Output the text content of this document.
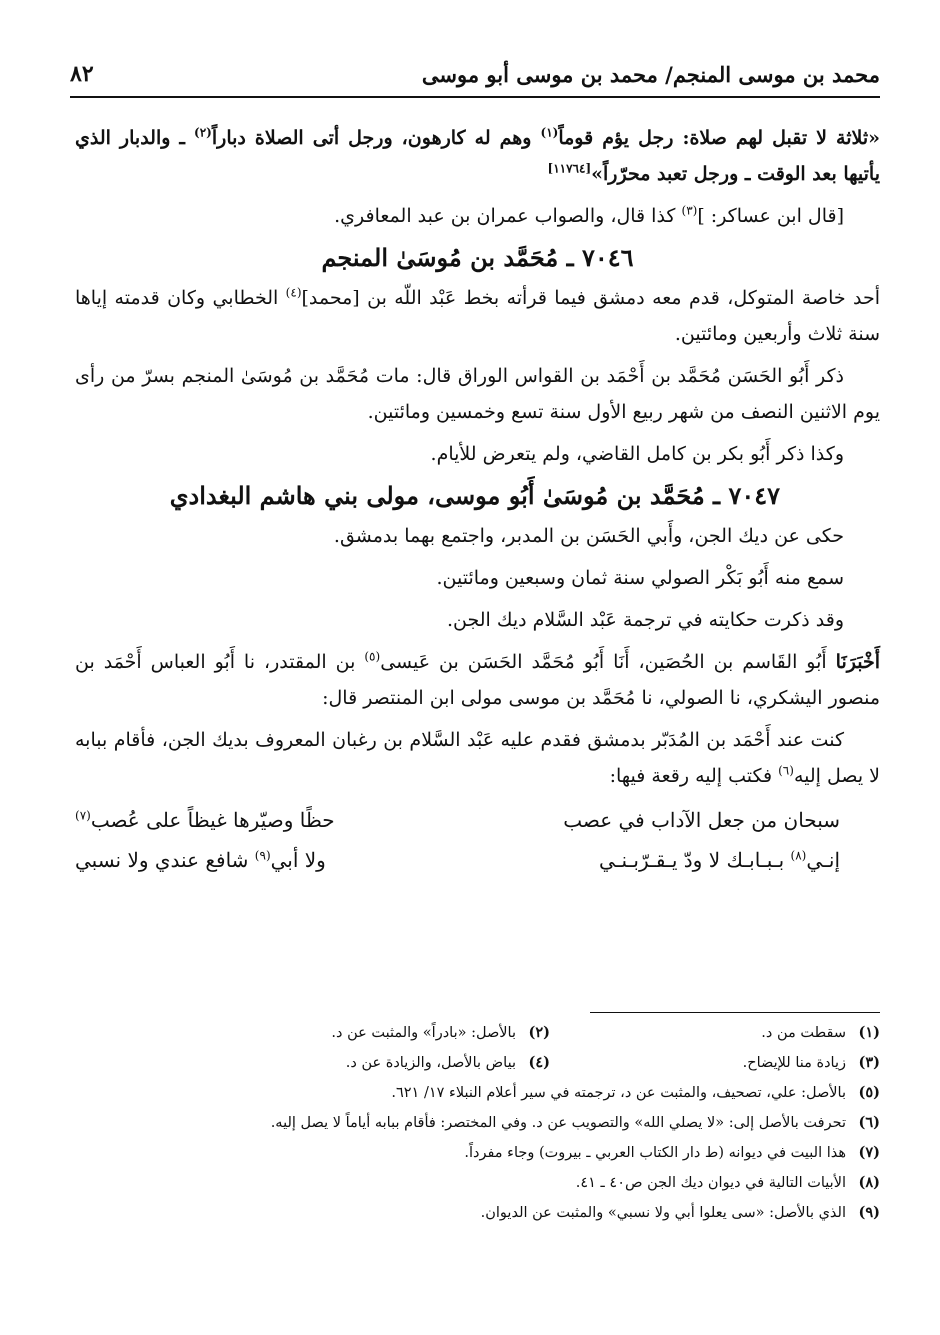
محمد بن موسى المنجم/ محمد بن موسى أبو موسى
٨٢

«ثلاثة لا تقبل لهم صلاة: رجل يؤم قوماً$^{(١)}$ وهم له كارهون، ورجل أتى الصلاة دباراً$^{(٢)}$ ـ والدبار الذي يأتيها بعد الوقت ـ ورجل تعبد محرّراً»[١١٧٦٤]

[قال ابن عساكر: ]$^{(٣)}$ كذا قال، والصواب عمران بن عبد المعافري.

٧٠٤٦ ـ مُحَمَّد بن مُوسَىٰ المنجم

أحد خاصة المتوكل، قدم معه دمشق فيما قرأته بخط عَبْد اللّه بن [محمد]$^{(٤)}$ الخطابي وكان قدمته إياها سنة ثلاث وأربعين ومائتين.

ذكر أَبُو الحَسَن مُحَمَّد بن أَحْمَد بن القواس الوراق قال: مات مُحَمَّد بن مُوسَىٰ المنجم بسرّ من رأى يوم الاثنين النصف من شهر ربيع الأول سنة تسع وخمسين ومائتين.

وكذا ذكر أَبُو بكر بن كامل القاضي، ولم يتعرض للأيام.

٧٠٤٧ ـ مُحَمَّد بن مُوسَىٰ أَبُو موسى، مولى بني هاشم البغدادي

حكى عن ديك الجن، وأَبي الحَسَن بن المدبر، واجتمع بهما بدمشق.

سمع منه أَبُو بَكْر الصولي سنة ثمان وسبعين ومائتين.

وقد ذكرت حكايته في ترجمة عَبْد السَّلام ديك الجن.

أَخْبَرَنَا أَبُو القَاسم بن الحُصَين، أَنَا أَبُو مُحَمَّد الحَسَن بن عَيسى$^{(٥)}$ بن المقتدر، نا أَبُو العباس أَحْمَد بن منصور اليشكري، نا الصولي، نا مُحَمَّد بن موسى مولى ابن المنتصر قال:

كنت عند أَحْمَد بن المُدَبّر بدمشق فقدم عليه عَبْد السَّلام بن رغبان المعروف بديك الجن، فأقام ببابه لا يصل إليه$^{(٦)}$ فكتب إليه رقعة فيها:

سبحان من جعل الآداب في عصب
حظًا وصيّرها غيظاً على عُصب$^{(٧)}$
إنـي$^{(٨)}$ بـبـابـك لا ودّ يـقـرّبـنـي
ولا أبي$^{(٩)}$ شافع عندي ولا نسبي
(١)سقطت من د.
(٢)بالأصل: «بادراً» والمثبت عن د.
(٣)زيادة منا للإيضاح.
(٤)بياض بالأصل، والزيادة عن د.
(٥)بالأصل: علي، تصحيف، والمثبت عن د، ترجمته في سير أعلام النبلاء ١٧/ ٦٢١.
(٦)تحرفت بالأصل إلى: «لا يصلي الله» والتصويب عن د. وفي المختصر: فأقام ببابه أياماً لا يصل إليه.
(٧)هذا البيت في ديوانه (ط دار الكتاب العربي ـ بيروت) وجاء مفرداً.
(٨)الأبيات التالية في ديوان ديك الجن ص٤٠ ـ ٤١.
(٩)الذي بالأصل: «سى يعلوا أبي ولا نسبي» والمثبت عن الديوان.
